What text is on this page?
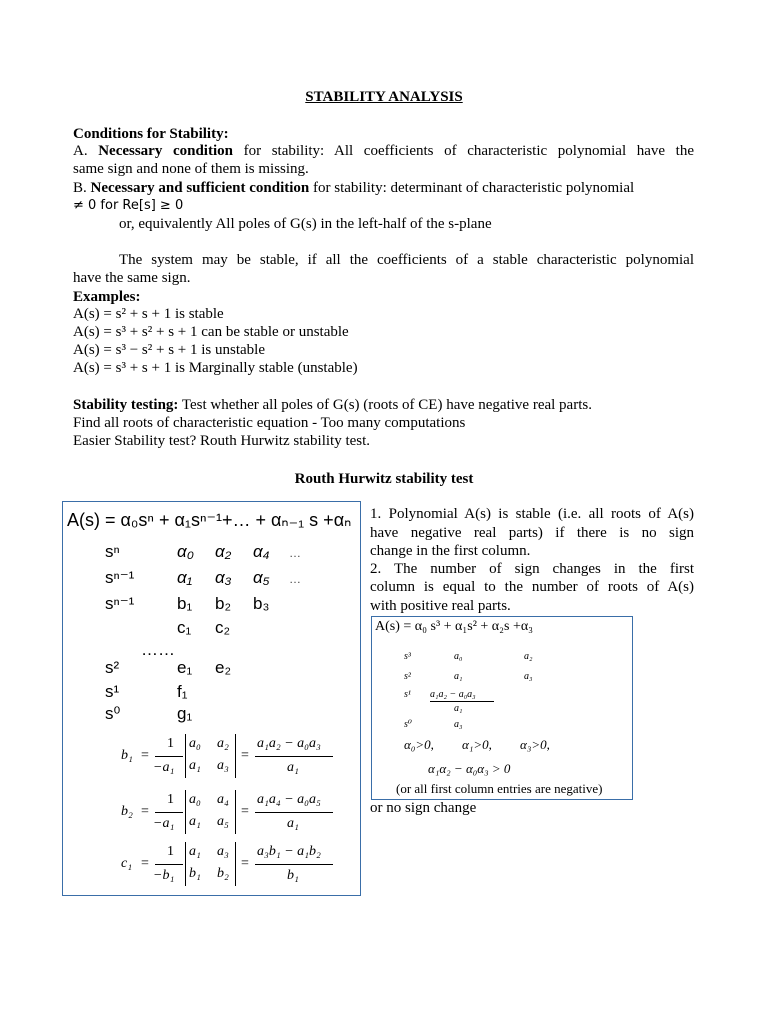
STABILITY ANALYSIS
Conditions for Stability:
A. Necessary condition for stability: All coefficients of characteristic polynomial have the
same sign and none of them is missing.
B. Necessary and sufficient condition for stability: determinant of characteristic polynomial
≠ 0 for Re[s] ≥ 0
or, equivalently All poles of G(s) in the left-half of the s-plane
The system may be stable, if all the coefficients of a stable characteristic polynomial
have the same sign.
Examples:
A(s) = s² + s + 1 is stable
A(s) = s³ + s² + s + 1 can be stable or unstable
A(s) = s³ − s² + s + 1 is unstable
A(s) = s³ + s + 1 is Marginally stable (unstable)
Stability testing: Test whether all poles of G(s) (roots of CE) have negative real parts.
Find all roots of characteristic equation - Too many computations
Easier Stability test? Routh Hurwitz stability test.
Routh Hurwitz stability test
A(s) = α₀sⁿ + α₁sⁿ⁻¹+… + αₙ₋₁ s +αₙ
sⁿ	α₀ α₂ α₄ …
sⁿ⁻¹	α₁ α₃ α₅ …
sⁿ⁻¹	b₁ b₂ b₃
c₁ c₂
……
s²	e₁ e₂
s¹	f₁
s⁰	g₁
b₁ =
1
−a₁
a₀ a₂
a₁ a₃
=
a₁a₂ − a₀a₃
a₁
b₂ =
1
−a₁
a₀ a₄
a₁ a₅
=
a₁a₄ − a₀a₅
a₁
c₁ =
1
−b₁
a₁ a₃
b₁ b₂
=
a₃b₁ − a₁b₂
b₁
1. Polynomial A(s) is stable (i.e. all roots of A(s)
have negative real parts) if there is no sign
change in the first column.
2. The number of sign changes in the first
column is equal to the number of roots of A(s)
with positive real parts.
A(s) = α₀ s³ + α₁s² + α₂s +α₃
s³	a₀	a₂
s²	a₁	a₃
s¹ a₁a₂ − a₀a₃
a₁
s⁰	a₃
α₀>0, α₁>0, α₃>0,
α₁α₂ − α₀α₃ > 0
(or all first column entries are negative)
or no sign change
